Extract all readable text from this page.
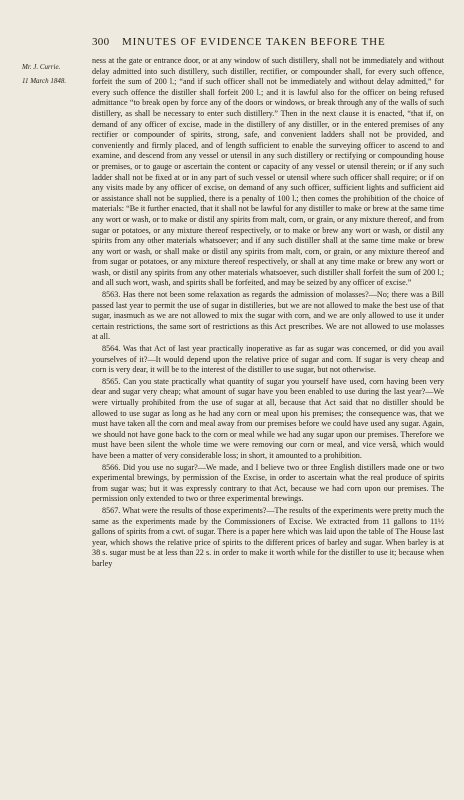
300 MINUTES OF EVIDENCE TAKEN BEFORE THE
Mr. J. Currie.
11 March 1848.

ness at the gate or entrance door, or at any window of such distillery, shall not be immediately and without delay admitted into such distillery, such distiller, rectifier, or compounder shall, for every such offence, forfeit the sum of 200 l.; “and if such officer shall not be immediately and without delay admitted,” for every such offence the distiller shall forfeit 200 l.; and it is lawful also for the officer on being refused admittance “to break open by force any of the doors or windows, or break through any of the walls of such distillery, as shall be necessary to enter such distillery.” Then in the next clause it is enacted, “that if, on demand of any officer of excise, made in the distillery of any distiller, or in the entered premises of any rectifier or compounder of spirits, strong, safe, and convenient ladders shall not be provided, and conveniently and firmly placed, and of length sufficient to enable the surveying officer to ascend to and examine, and descend from any vessel or utensil in any such distillery or rectifying or compounding house or premises, or to gauge or ascertain the content or capacity of any vessel or utensil therein; or if any such ladder shall not be fixed at or in any part of such vessel or utensil where such officer shall require; or if on any visits made by any officer of excise, on demand of any such officer, sufficient lights and sufficient aid or assistance shall not be supplied, there is a penalty of 100 l.; then comes the prohibition of the choice of materials: “Be it further enacted, that it shall not be lawful for any distiller to make or brew at the same time any wort or wash, or to make or distil any spirits from malt, corn, or grain, or any mixture thereof, and from sugar or potatoes, or any mixture thereof respectively, or to make or brew any wort or wash, or distil any spirits from any other materials whatsoever; and if any such distiller shall at the same time make or brew any wort or wash, or shall make or distil any spirits from malt, corn, or grain, or any mixture thereof and from sugar or potatoes, or any mixture thereof respectively, or shall at any time make or brew any wort or wash, or distil any spirits from any other materials whatsoever, such distiller shall forfeit the sum of 200 l.; and all such wort, wash, and spirits shall be forfeited, and may be seized by any officer of excise.”

8563. Has there not been some relaxation as regards the admission of molasses?—No; there was a Bill passed last year to permit the use of sugar in distilleries, but we are not allowed to make the best use of that sugar, inasmuch as we are not allowed to mix the sugar with corn, and we are only allowed to use it under certain restrictions, the same sort of restrictions as this Act prescribes. We are not allowed to use molasses at all.

8564. Was that Act of last year practically inoperative as far as sugar was concerned, or did you avail yourselves of it?—It would depend upon the relative price of sugar and corn. If sugar is very cheap and corn is very dear, it will be to the interest of the distiller to use sugar, but not otherwise.

8565. Can you state practically what quantity of sugar you yourself have used, corn having been very dear and sugar very cheap; what amount of sugar have you been enabled to use during the last year?—We were virtually prohibited from the use of sugar at all, because that Act said that no distiller should be allowed to use sugar as long as he had any corn or meal upon his premises; the consequence was, that we must have taken all the corn and meal away from our premises before we could have used any sugar. Again, we should not have gone back to the corn or meal while we had any sugar upon our premises. Therefore we must have been silent the whole time we were removing our corn or meal, and vice versâ, which would have been a matter of very considerable loss; in short, it amounted to a prohibition.

8566. Did you use no sugar?—We made, and I believe two or three English distillers made one or two experimental brewings, by permission of the Excise, in order to ascertain what the real produce of spirits from sugar was; but it was expressly contrary to that Act, because we had corn upon our premises. The permission only extended to two or three experimental brewings.

8567. What were the results of those experiments?—The results of the experiments were pretty much the same as the experiments made by the Commissioners of Excise. We extracted from 11 gallons to 11½ gallons of spirits from a cwt. of sugar. There is a paper here which was laid upon the table of The House last year, which shows the relative price of spirits to the different prices of barley and sugar. When barley is at 38 s. sugar must be at less than 22 s. in order to make it worth while for the distiller to use it; because when barley
